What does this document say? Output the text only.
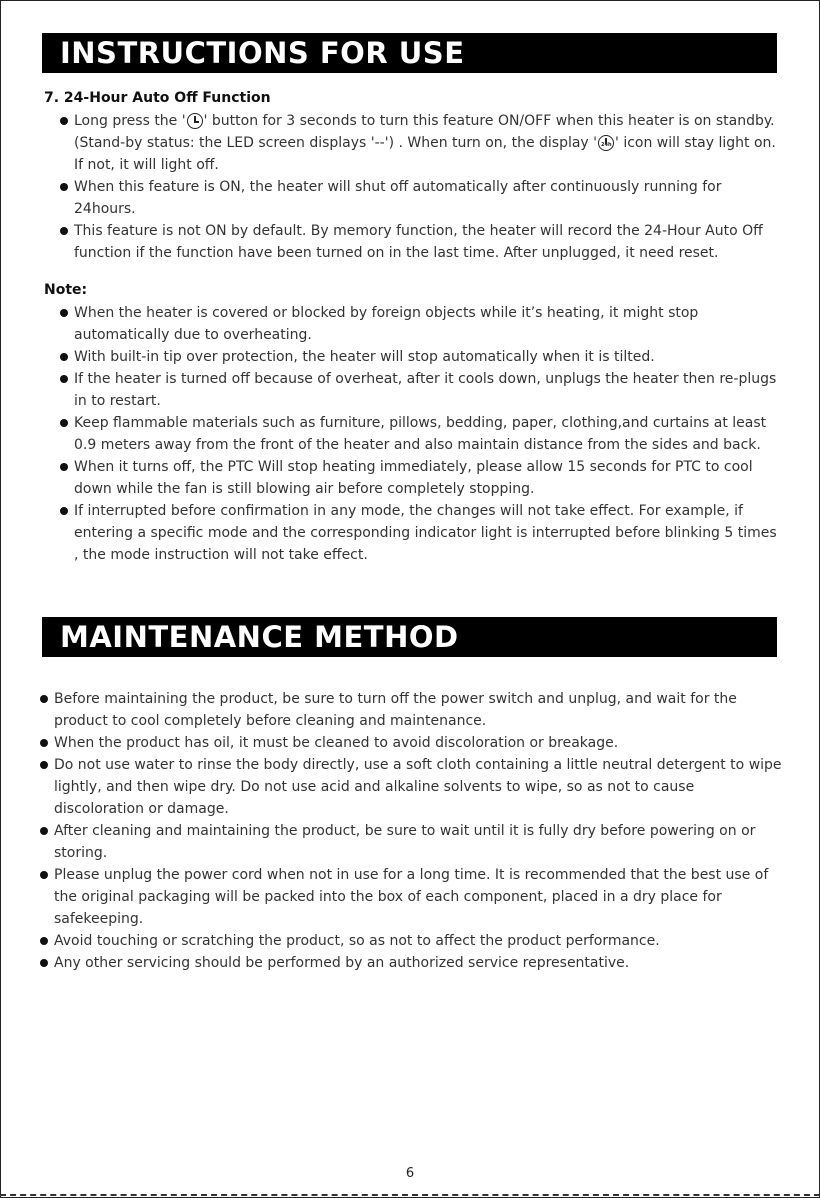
INSTRUCTIONS FOR USE
7. 24-Hour Auto Off Function
Long press the ' ' button for 3 seconds to turn this feature ON/OFF when this heater is on standby. (Stand-by status: the LED screen displays '--') . When turn on, the display ' 24h ' icon will stay light on. If not, it will light off.
When this feature is ON, the heater will shut off automatically after continuously running for 24hours.
This feature is not ON by default. By memory function, the heater will record the 24-Hour Auto Off function if the function have been turned on in the last time. After unplugged, it need reset.
Note:
When the heater is covered or blocked by foreign objects while it’s heating, it might stop automatically due to overheating.
With built-in tip over protection, the heater will stop automatically when it is tilted.
If the heater is turned off because of overheat, after it cools down, unplugs the heater then re-plugs in to restart.
Keep flammable materials such as furniture, pillows, bedding, paper, clothing,and curtains at least 0.9 meters away from the front of the heater and also maintain distance from the sides and back.
When it turns off, the PTC Will stop heating immediately, please allow 15 seconds for PTC to cool down while the fan is still blowing air before completely stopping.
If interrupted before confirmation in any mode, the changes will not take effect. For example, if entering a specific mode and the corresponding indicator light is interrupted before blinking 5 times , the mode instruction will not take effect.
MAINTENANCE METHOD
Before maintaining the product, be sure to turn off the power switch and unplug, and wait for the product to cool completely before cleaning and maintenance.
When the product has oil, it must be cleaned to avoid discoloration or breakage.
Do not use water to rinse the body directly, use a soft cloth containing a little neutral detergent to wipe lightly, and then wipe dry. Do not use acid and alkaline solvents to wipe, so as not to cause discoloration or damage.
After cleaning and maintaining the product, be sure to wait until it is fully dry before powering on or storing.
Please unplug the power cord when not in use for a long time. It is recommended that the best use of the original packaging will be packed into the box of each component, placed in a dry place for safekeeping.
Avoid touching or scratching the product, so as not to affect the product performance.
Any other servicing should be performed by an authorized service representative.
6
